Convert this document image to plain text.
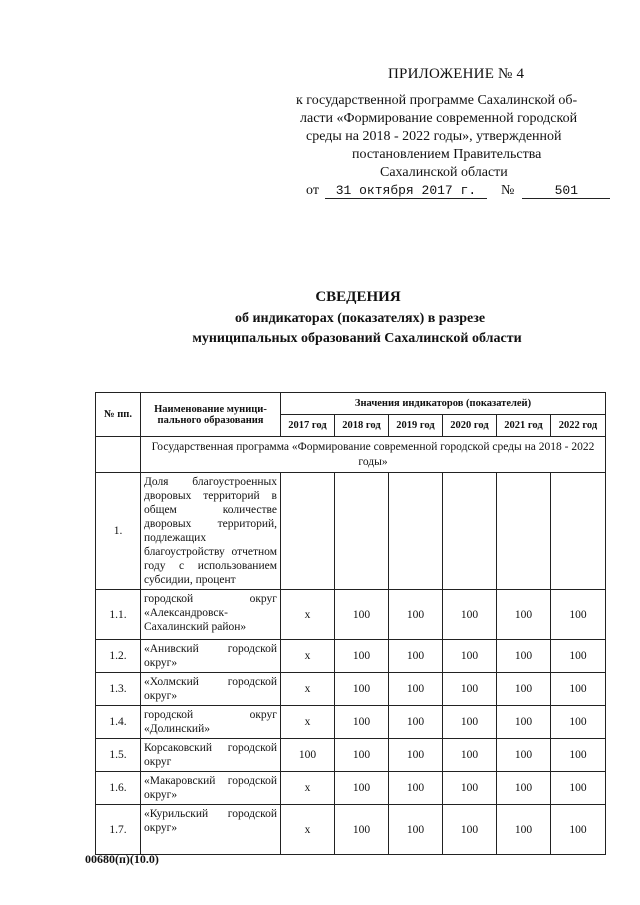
ПРИЛОЖЕНИЕ № 4
к государственной программе Сахалинской об-
ласти «Формирование современной городской
среды на 2018 - 2022 годы», утвержденной
постановлением Правительства
Сахалинской области
от 31 октября 2017 г. №	501
СВЕДЕНИЯ
об индикаторах (показателях) в разрезе
муниципальных образований Сахалинской области
№ пп.	Наименование муници-пального образования	Значения индикаторов (показателей)					
		2017 год	2018 год	2019 год	2020 год	2021 год	2022 год
	Государственная программа «Формирование современной городской среды на 2018 - 2022 годы»						
1.	Доля благоустроенных дворовых территорий в общем количестве дворовых территорий, подлежащих благоустройству отчетном году с использованием субсидии, процент						
1.1.	городской округ «Александровск-Сахалинский район»	х	100	100	100	100	100
1.2.	«Анивский городской округ»	х	100	100	100	100	100
1.3.	«Холмский городской округ»	х	100	100	100	100	100
1.4.	городской округ «Долинский»	х	100	100	100	100	100
1.5.	Корсаковский городской округ	100	100	100	100	100	100
1.6.	«Макаровский городской округ»	х	100	100	100	100	100
1.7.	«Курильский городской округ»	х	100	100	100	100	100
00680(п)(10.0)
